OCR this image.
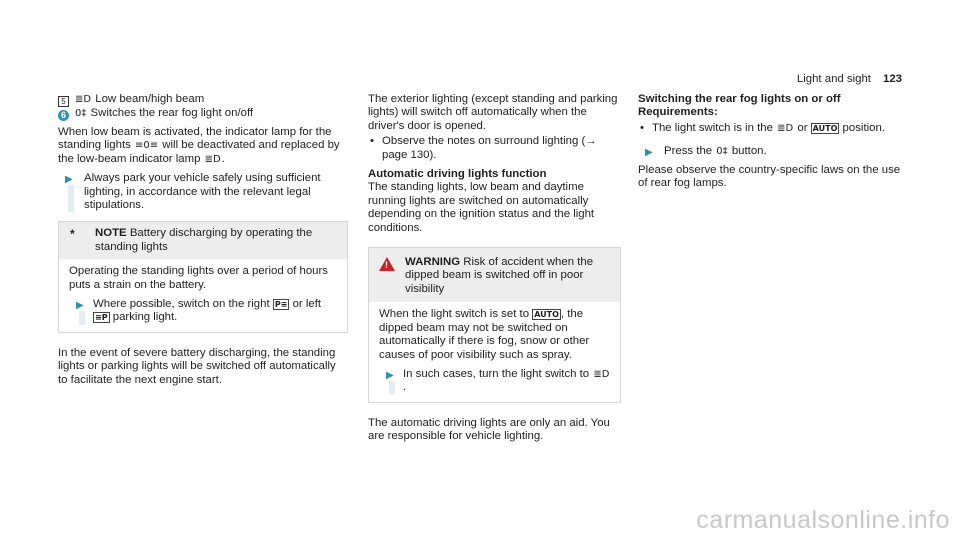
Light and sight 123

5 ≣D Low beam/high beam

6 0‡ Switches the rear fog light on/off

When low beam is activated, the indicator lamp for the standing lights ≡0≡ will be deactivated and replaced by the low-beam indicator lamp ≣D.

▶ Always park your vehicle safely using sufficient lighting, in accordance with the relevant legal stipulations.
*	NOTE Battery discharging by operating the standing lights

Operating the standing lights over a period of hours puts a strain on the battery.

▶ Where possible, switch on the right P≡ or left ≡P parking light.

In the event of severe battery discharging, the standing lights or parking lights will be switched off automatically to facilitate the next engine start.

The exterior lighting (except standing and parking lights) will switch off automatically when the driver's door is opened.

• Observe the notes on surround lighting (→ page 130).

Automatic driving lights function

The standing lights, low beam and daytime running lights are switched on automatically depending on the ignition status and the light conditions.

! WARNING Risk of accident when the dipped beam is switched off in poor visibility

When the light switch is set to AUTO , the dipped beam may not be switched on automatically if there is fog, snow or other causes of poor visibility such as spray.

▶ In such cases, turn the light switch to ≣D.

The automatic driving lights are only an aid. You are responsible for vehicle lighting.

Switching the rear fog lights on or off

Requirements:

• The light switch is in the ≣D or AUTO position.

▶ Press the 0‡ button.

Please observe the country-specific laws on the use of rear fog lamps.

carmanualsonline.info
